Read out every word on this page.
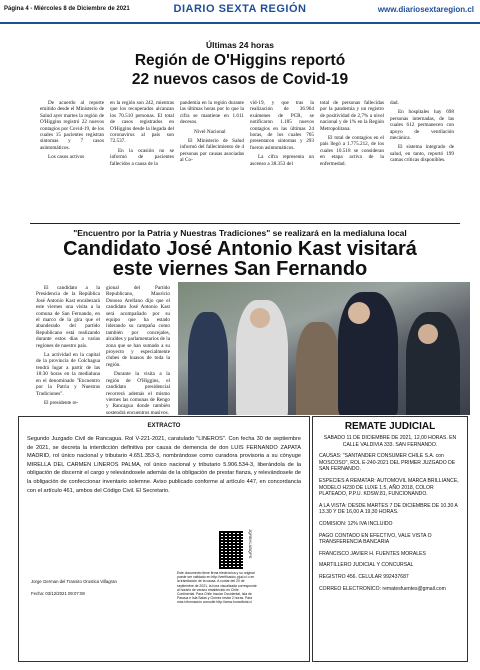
Página 4 - Miércoles 8 de Diciembre de 2021	DIARIO SEXTA REGIÓN	www.diariosextaregion.cl
Últimas 24 horas
Región de O'Higgins reportó
22 nuevos casos de Covid-19

De acuerdo al reporte emitido desde el Ministerio de Salud ayer martes la región de O'Higgins registró 22 nuevos contagios por Covid-19, de los cuales 15 pacientes registran síntomas y 7 casos asintomáticos.

Los casos activos

en la región son 242, mientras que los recuperados alcanzan los 70.510 personas. El total de casos registrados en O'Higgins desde la llegada del coronavirus al país son 72.537.

En la ocasión no se informó de pacientes fallecidos a causa de la

pandemia en la región durante las últimas horas por lo que la cifra se mantiene en 1.611 decesos.

Nivel Nacional

El Ministerio de Salud informó del fallecimiento de 4 personas por causas asociadas al Co-

vid-19, y que tras la realización de 36.964 exámenes de PCR, se notificaron 1.185 nuevos contagios en las últimas 24 horas, de los cuales 765 presentaron síntomas y 293 fueron asintomáticos.

La cifra representa un ascenso a 38.353 del

total de personas fallecidas por la pandemia y un registro de positividad de 2,7% a nivel nacional y de 1% en la Región Metropolitana.

El total de contagios en el país llegó a 1.775.212, de los cuales 10.518 se consideran en etapa activa de la enfermedad.

dad.

En hospitales hay 698 personas internadas, de las cuales 612 permanecen con apoyo de ventilación mecánica.

El sistema integrado de salud, en tanto, reportó 199 camas críticas disponibles.

"Encuentro por la Patria y Nuestras Tradiciones" se realizará en la medialuna local
Candidato José Antonio Kast visitará
este viernes San Fernando

El candidato a la Presidencia de la República José Antonio Kast encabezará este viernes una visita a la comuna de San Fernando, en el marco de la gira que el abanderado del partido Republicano está realizando durante estos días a varias regiones de nuestro país.

La actividad en la capital de la provincia de Colchagua tendrá lugar a partir de las 18:30 horas en la medialuna en el denominado "Encuentro por la Patria y Nuestras Tradiciones".

El presidente re-

gional del Partido Republicano, Mauricio Donoso Arellano dijo que el candidato José Antonio Kast será acompañado por su equipo que ha estado liderando su campaña como también por concejales, alcaldes y parlamentarios de la zona que se han sumado a su proyecto y especialmente clubes de huasos de toda la región.

Durante la visita a la región de O'Higgins, el candidato presidencial recorrerá además el mismo viernes las comunas de Rengo y Rancagua donde también sostendrá encuentros masivos.

EXTRACTO
Segundo Juzgado Civil de Rancagua. Rol V-221-2021, caratulado "LINEROS". Con fecha 30 de septiembre de 2021, se decreta la interdicción definitiva por causa de demencia de don LUIS FERNANDO ZAPATA MADRID, rol único nacional y tributario 4.651.353-3, nombrándose como curadora provisoria a su cónyuge MIRELLA DEL CARMEN LINEROS PALMA, rol único nacional y tributario 5.906.534-3, liberándola de la obligación de discernir el cargo y relevándosele además de la obligación de prestar fianza, y relevándosele de la obligación de confeccionar inventario solemne. Aviso publicado conforme al artículo 447, en concordancia con el artículo 461, ambos del Código Civil. El Secretario.
JQRBYLXBQPS
Jorge German del Transito Orostica Villagran
Fecha: 03/12/2021 09:07:08
Este documento tiene firma electrónica y su original puede ser validado en http://verificadoc.pjud.cl o en la tramitación de la causa. A contar del 20 de septiembre de 2021, la hora visualizada corresponde al horario de verano establecido en Chile Continental. Para Chile Insular Occidental, Isla de Pascua e Isla Salas y Gómez restar 2 horas. Para más información consulte http://www.horaoficial.cl
REMATE JUDICIAL

SABADO 11 DE DICIEMBRE DE 2021, 12,00 HORAS. EN CALLE VALDIVIA 333. SAN FERNANDO.

CAUSAS: "SANTANDER CONSUMER CHILE S.A. con MOSCOSO", ROL E-240-2021 DEL PRIMER JUZGADO DE SAN FERNANDO.

ESPECIES A REMATAR: AUTOMOVIL MARCA BRILLIANCE, MODELO H230 DE LUXE 1.5, AÑO 2018, COLOR PLATEADO, P.P.U. KDSW.81, FUNCIONANDO.

A LA VISTA: DESDE MARTES 7 DE DICIEMBRE DE 10.30 A 13.30 Y DE 16,00 A 19,30 HORAS.

COMISION: 12% IVA INCLUIDO

PAGO CONTADO EN EFECTIVO, VALE VISTA O TRANSFERENCIA BANCARIA

FRANCISCO JAVIER H. FUENTES MORALES

MARTILLERO JUDICIAL Y CONCURSAL

REGISTRO 456. CELULAR 992437687

CORREO ELECTRONICO: rematesfuentes@gmail.com
